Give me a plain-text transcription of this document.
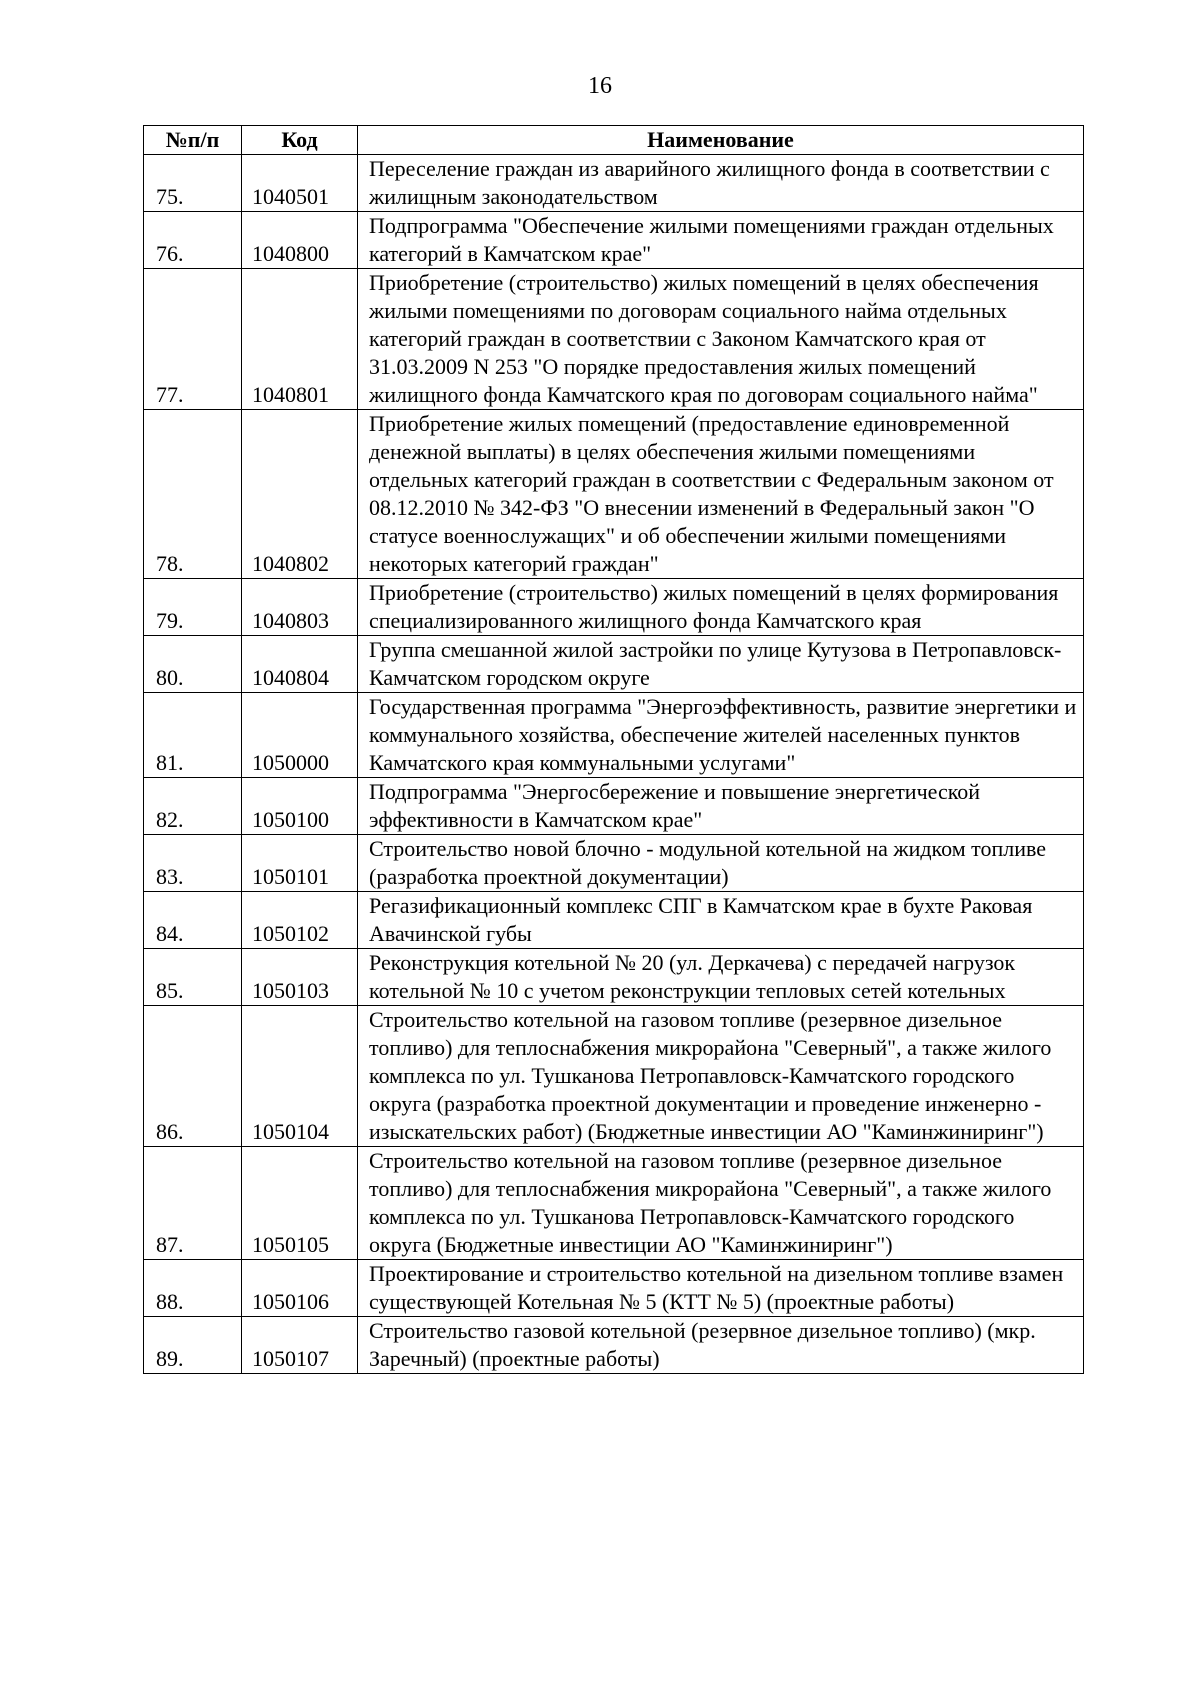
16
№п/п	Код	Наименование
75.	1040501	Переселение граждан из аварийного жилищного фонда в соответствии с жилищным законодательством
76.	1040800	Подпрограмма "Обеспечение жилыми помещениями граждан отдельных категорий в Камчатском крае"
77.	1040801	Приобретение (строительство) жилых помещений в целях обеспечения жилыми помещениями по договорам социального найма отдельных категорий граждан в соответствии с Законом Камчатского края от 31.03.2009 N 253 "О порядке предоставления жилых помещений жилищного фонда Камчатского края по договорам социального найма"
78.	1040802	Приобретение жилых помещений (предоставление единовременной денежной выплаты) в целях обеспечения жилыми помещениями отдельных категорий граждан в соответствии с Федеральным законом от 08.12.2010 № 342-ФЗ "О внесении изменений в Федеральный закон "О статусе военнослужащих" и об обеспечении жилыми помещениями некоторых категорий граждан"
79.	1040803	Приобретение (строительство) жилых помещений в целях формирования специализированного жилищного фонда Камчатского края
80.	1040804	Группа смешанной жилой застройки по улице Кутузова в Петропавловск-Камчатском городском округе
81.	1050000	Государственная программа "Энергоэффективность, развитие энергетики и коммунального хозяйства, обеспечение жителей населенных пунктов Камчатского края коммунальными услугами"
82.	1050100	Подпрограмма "Энергосбережение и повышение энергетической эффективности в Камчатском крае"
83.	1050101	Строительство новой блочно - модульной котельной на жидком топливе (разработка проектной документации)
84.	1050102	Регазификационный комплекс СПГ в Камчатском крае в бухте Раковая Авачинской губы
85.	1050103	Реконструкция котельной № 20 (ул. Деркачева) с передачей нагрузок котельной № 10 с учетом реконструкции тепловых сетей котельных
86.	1050104	Строительство котельной на газовом топливе (резервное дизельное топливо) для теплоснабжения микрорайона "Северный", а также жилого комплекса по ул. Тушканова Петропавловск-Камчатского городского округа (разработка проектной документации и проведение инженерно - изыскательских работ) (Бюджетные инвестиции АО "Каминжиниринг")
87.	1050105	Строительство котельной на газовом топливе (резервное дизельное топливо) для теплоснабжения микрорайона "Северный", а также жилого комплекса по ул. Тушканова Петропавловск-Камчатского городского округа (Бюджетные инвестиции АО "Каминжиниринг")
88.	1050106	Проектирование и строительство котельной на дизельном топливе взамен существующей Котельная № 5 (КТТ № 5) (проектные работы)
89.	1050107	Строительство газовой котельной (резервное дизельное топливо) (мкр. Заречный) (проектные работы)
